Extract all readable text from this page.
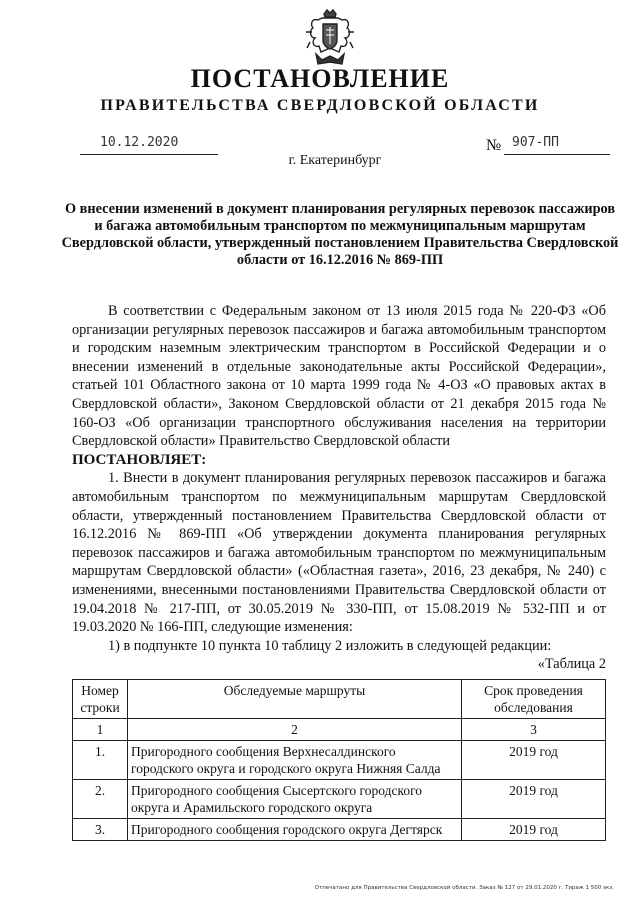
ПОСТАНОВЛЕНИЕ
ПРАВИТЕЛЬСТВА СВЕРДЛОВСКОЙ ОБЛАСТИ
10.12.2020	№ 907-ПП
г. Екатеринбург
О внесении изменений в документ планирования регулярных перевозок пассажиров и багажа автомобильным транспортом по межмуниципальным маршрутам Свердловской области, утвержденный постановлением Правительства Свердловской области от 16.12.2016 № 869-ПП

В соответствии с Федеральным законом от 13 июля 2015 года № 220-ФЗ «Об организации регулярных перевозок пассажиров и багажа автомобильным транспортом и городским наземным электрическим транспортом в Российской Федерации и о внесении изменений в отдельные законодательные акты Российской Федерации», статьей 101 Областного закона от 10 марта 1999 года № 4-ОЗ «О правовых актах в Свердловской области», Законом Свердловской области от 21 декабря 2015 года № 160-ОЗ «Об организации транспортного обслуживания населения на территории Свердловской области» Правительство Свердловской области

ПОСТАНОВЛЯЕТ:

1. Внести в документ планирования регулярных перевозок пассажиров и багажа автомобильным транспортом по межмуниципальным маршрутам Свердловской области, утвержденный постановлением Правительства Свердловской области от 16.12.2016 № 869-ПП «Об утверждении документа планирования регулярных перевозок пассажиров и багажа автомобильным транспортом по межмуниципальным маршрутам Свердловской области» («Областная газета», 2016, 23 декабря, № 240) с изменениями, внесенными постановлениями Правительства Свердловской области от 19.04.2018 № 217-ПП, от 30.05.2019 № 330-ПП, от 15.08.2019 № 532-ПП и от 19.03.2020 № 166-ПП, следующие изменения:

1) в подпункте 10 пункта 10 таблицу 2 изложить в следующей редакции:

«Таблица 2

Номер строки	Обследуемые маршруты	Срок проведения обследования
1	2	3
1.	Пригородного сообщения Верхнесалдинского городского округа и городского округа Нижняя Салда	2019 год
2.	Пригородного сообщения Сысертского городского округа и Арамильского городского округа	2019 год
3.	Пригородного сообщения городского округа Дегтярск	2019 год
Отпечатано для Правительства Свердловской области. Заказ № 127 от 29.01.2020 г. Тираж 1 500 экз.
